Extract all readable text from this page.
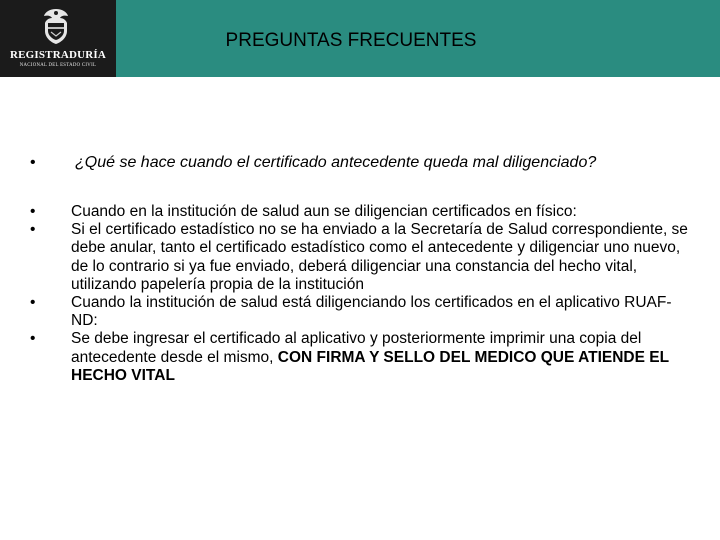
REGISTRADURÍA
NACIONAL DEL ESTADO CIVIL
PREGUNTAS FRECUENTES
• ¿Qué se hace cuando el certificado antecedente queda mal diligenciado?
• Cuando en la institución de salud aun se diligencian certificados en físico:
• Si el certificado estadístico no se ha enviado a la Secretaría de Salud correspondiente, se debe anular, tanto el certificado estadístico como el antecedente y diligenciar uno nuevo, de lo contrario si ya fue enviado, deberá diligenciar una constancia del hecho vital, utilizando papelería propia de la institución
• Cuando la institución de salud está diligenciando los certificados en el aplicativo RUAF-ND:
• Se debe ingresar el certificado al aplicativo y posteriormente imprimir una copia del antecedente desde el mismo, CON FIRMA Y SELLO DEL MEDICO QUE ATIENDE EL HECHO VITAL
